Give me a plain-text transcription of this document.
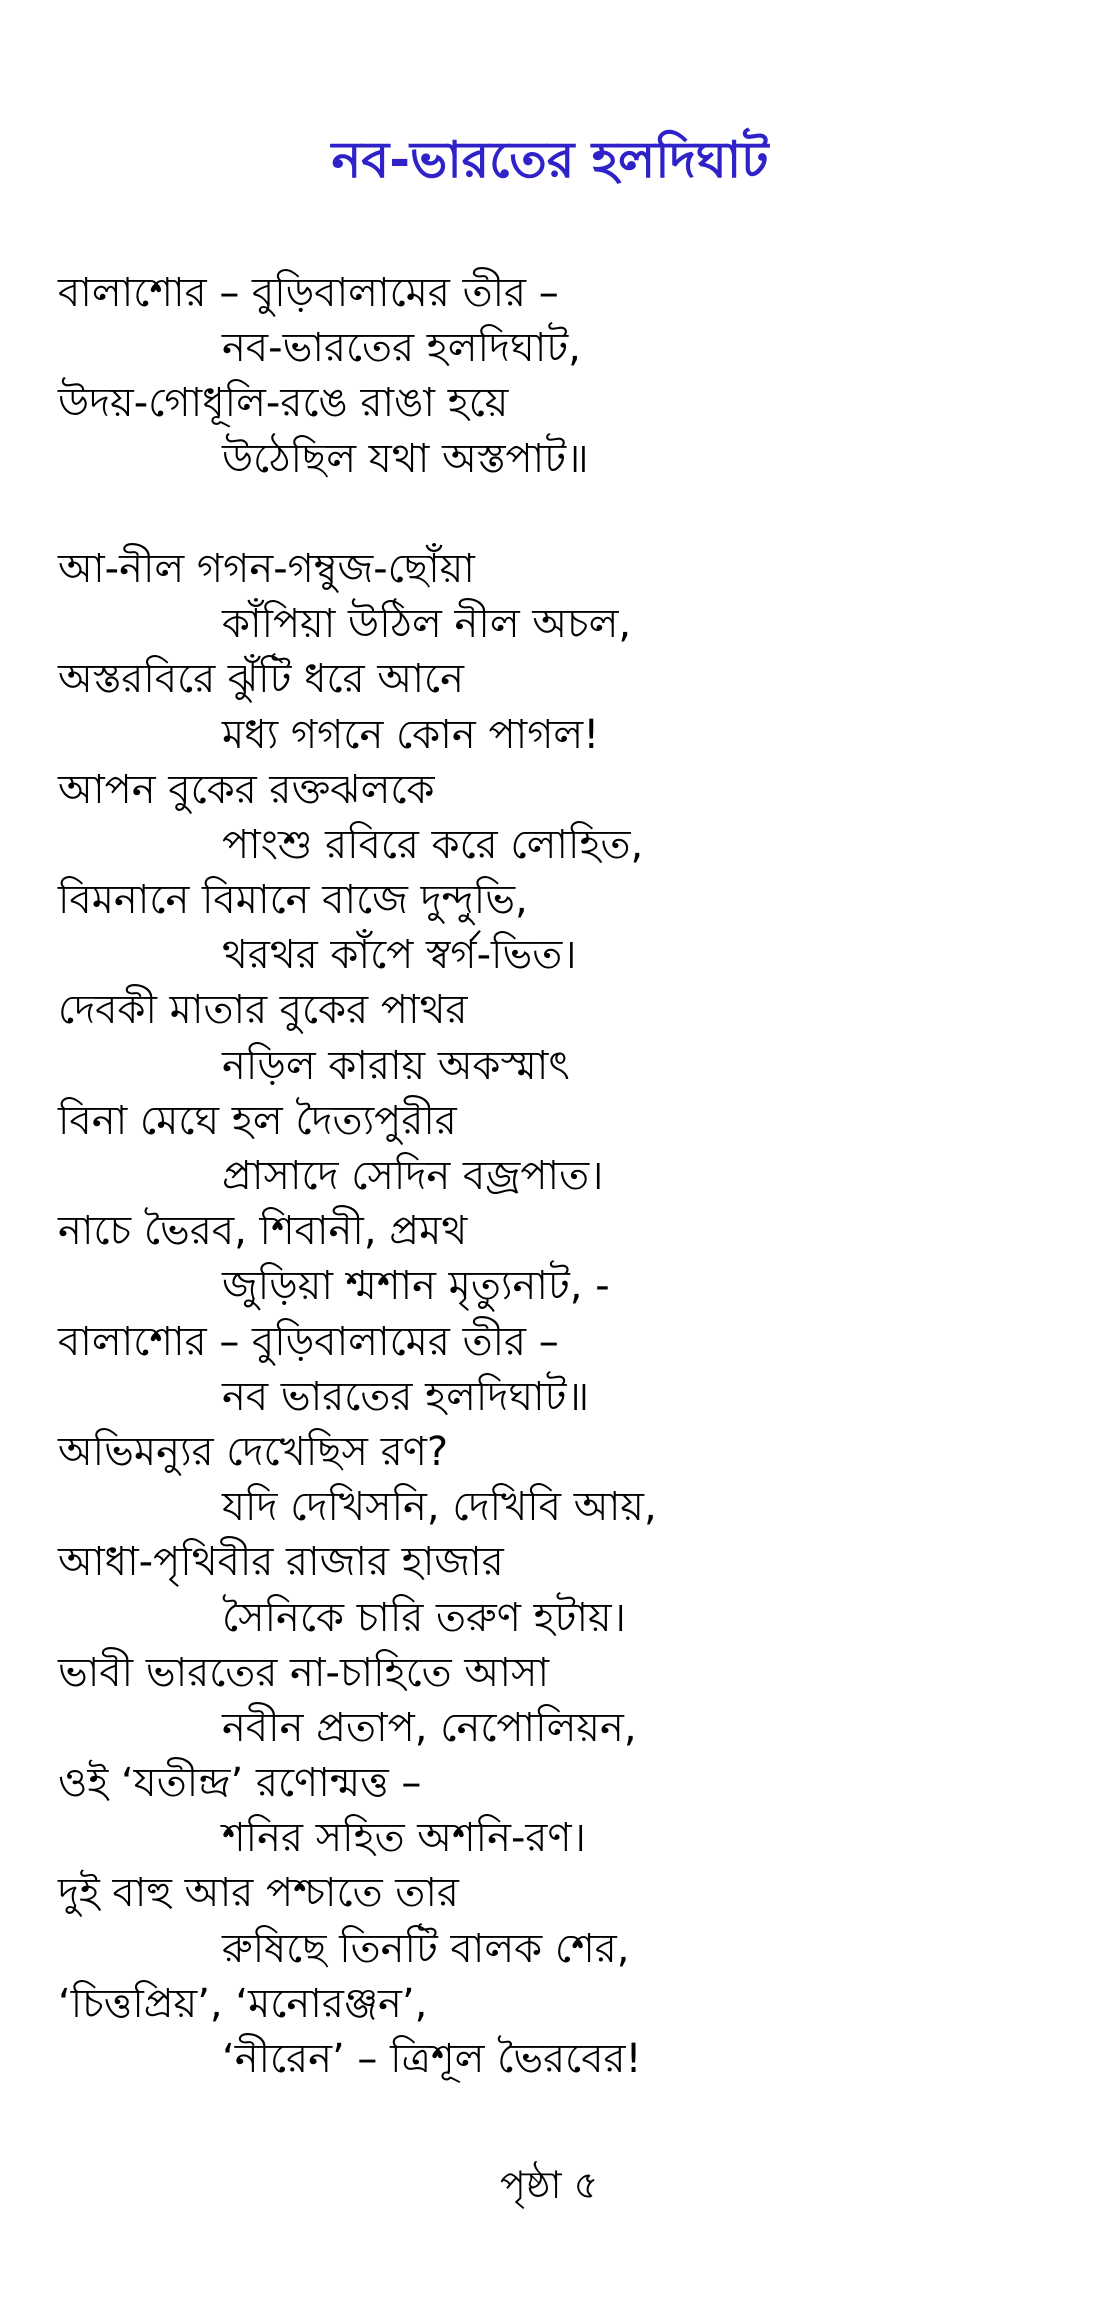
নব-ভারতের হলদিঘাট
বালাশোর – বুড়িবালামের তীর –
নব-ভারতের হলদিঘাট,
উদয়-গোধূলি-রঙে রাঙা হয়ে
উঠেছিল যথা অস্তপাট॥
আ-নীল গগন-গম্বুজ-ছোঁয়া
কাঁপিয়া উঠিল নীল অচল,
অস্তরবিরে ঝুঁটি ধরে আনে
মধ্য গগনে কোন পাগল!
আপন বুকের রক্তঝলকে
পাংশু রবিরে করে লোহিত,
বিমনানে বিমানে বাজে দুন্দুভি,
থরথর কাঁপে স্বর্গ-ভিত।
দেবকী মাতার বুকের পাথর
নড়িল কারায় অকস্মাৎ
বিনা মেঘে হল দৈত্যপুরীর
প্রাসাদে সেদিন বজ্রপাত।
নাচে ভৈরব, শিবানী, প্রমথ
জুড়িয়া শ্মশান মৃত্যুনাট, -
বালাশোর – বুড়িবালামের তীর –
নব ভারতের হলদিঘাট॥
অভিমন্যুর দেখেছিস রণ?
যদি দেখিসনি, দেখিবি আয়,
আধা-পৃথিবীর রাজার হাজার
সৈনিকে চারি তরুণ হটায়।
ভাবী ভারতের না-চাহিতে আসা
নবীন প্রতাপ, নেপোলিয়ন,
ওই ‘যতীন্দ্র’ রণোন্মত্ত –
শনির সহিত অশনি-রণ।
দুই বাহু আর পশ্চাতে তার
রুষিছে তিনটি বালক শের,
‘চিত্তপ্রিয়’, ‘মনোরঞ্জন’,
‘নীরেন’ – ত্রিশূল ভৈরবের!
পৃষ্ঠা ৫
